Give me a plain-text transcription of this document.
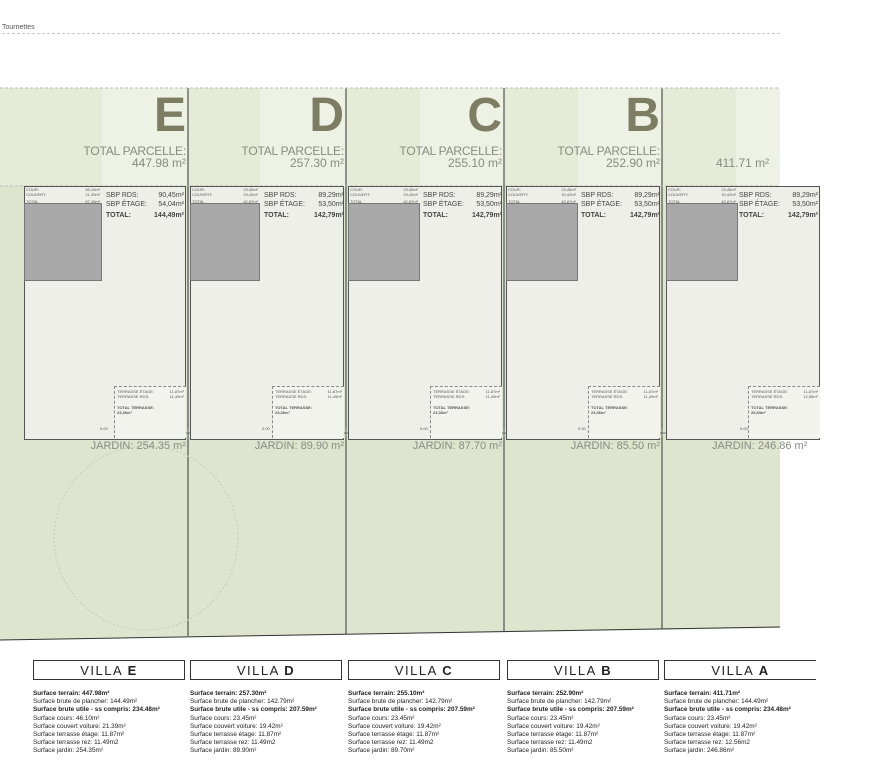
Tournettes
E
TOTAL PARCELLE:
447.98 m²
COUR:	46,10m²
COUVERT:	21,39m²
TOTAL	67,49m²
SBP RDS:	90,45m²
SBP ÉTAGE: 54,04m²
TOTAL:	144,49m²
TERRASSE ÉTAGE:	11,87m²
TERRASSE RDS:	11,49m²
TOTAL TERRASSE:
23,36m²
0.00
JARDIN: 254.35 m²
D
TOTAL PARCELLE:
257.30 m²
COUR:	23,45m²
COUVERT:	19,42m²
TOTAL	42,87m²
SBP RDS:	89,29m²
SBP ÉTAGE: 53,50m²
TOTAL:	142,79m²
TERRASSE ÉTAGE:	11,87m²
TERRASSE RDS:	11,49m²
TOTAL TERRASSE:
23,36m²
0.00
JARDIN: 89.90 m²
C
TOTAL PARCELLE:
255.10 m²
COUR:	23,45m²
COUVERT:	19,42m²
TOTAL	42,87m²
SBP RDS:	89,29m²
SBP ÉTAGE: 53,50m²
TOTAL:	142,79m²
TERRASSE ÉTAGE:	11,87m²
TERRASSE RDS:	11,49m²
TOTAL TERRASSE:
23,36m²
0.00
JARDIN: 87.70 m²
B
TOTAL PARCELLE:
252.90 m²
COUR:	23,45m²
COUVERT:	19,42m²
TOTAL	42,87m²
SBP RDS:	89,29m²
SBP ÉTAGE: 53,50m²
TOTAL:	142,79m²
TERRASSE ÉTAGE:	11,87m²
TERRASSE RDS:	11,49m²
TOTAL TERRASSE:
23,36m²
0.00
JARDIN: 85.50 m²
411.71 m²
COUR:	23,45m²
COUVERT:	19,42m²
TOTAL	42,87m²
SBP RDS:	89,29m²
SBP ÉTAGE: 53,50m²
TOTAL:	142,79m²
TERRASSE ÉTAGE:	11,87m²
TERRASSE RDS:	12,56m²
TOTAL TERRASSE:
25,53m²
0.00
JARDIN: 246.86 m²
VILLA E
Surface terrain: 447.98m²
Surface brute de plancher: 144.49m²
Surface brute utile - ss compris: 234.48m²
Surface cours: 46.10m²
Surface couvert voiture: 21.39m²
Surface terrasse étage: 11.87m²
Surface terrasse rez: 11.49m2
Surface jardin: 254.35m²
VILLA D
Surface terrain: 257.30m²
Surface brute de plancher: 142.79m²
Surface brute utile - ss compris: 207.59m²
Surface cours: 23.45m²
Surface couvert voiture: 19.42m²
Surface terrasse étage: 11.87m²
Surface terrasse rez: 11.49m2
Surface jardin: 89.90m²
VILLA C
Surface terrain: 255.10m²
Surface brute de plancher: 142.79m²
Surface brute utile - ss compris: 207.59m²
Surface cours: 23.45m²
Surface couvert voiture: 19.42m²
Surface terrasse étage: 11.87m²
Surface terrasse rez: 11.49m2
Surface jardin: 89.70m²
VILLA B
Surface terrain: 252.90m²
Surface brute de plancher: 142.79m²
Surface brute utile - ss compris: 207.59m²
Surface cours: 23.45m²
Surface couvert voiture: 19.42m²
Surface terrasse étage: 11.87m²
Surface terrasse rez: 11.49m2
Surface jardin: 85.50m²
VILLA A
Surface terrain: 411.71m²
Surface brute de plancher: 144.49m²
Surface brute utile - ss compris: 234.48m²
Surface cours: 23.45m²
Surface couvert voiture: 19.42m²
Surface terrasse étage: 11.87m²
Surface terrasse rez: 12.56m2
Surface jardin: 246.86m²
